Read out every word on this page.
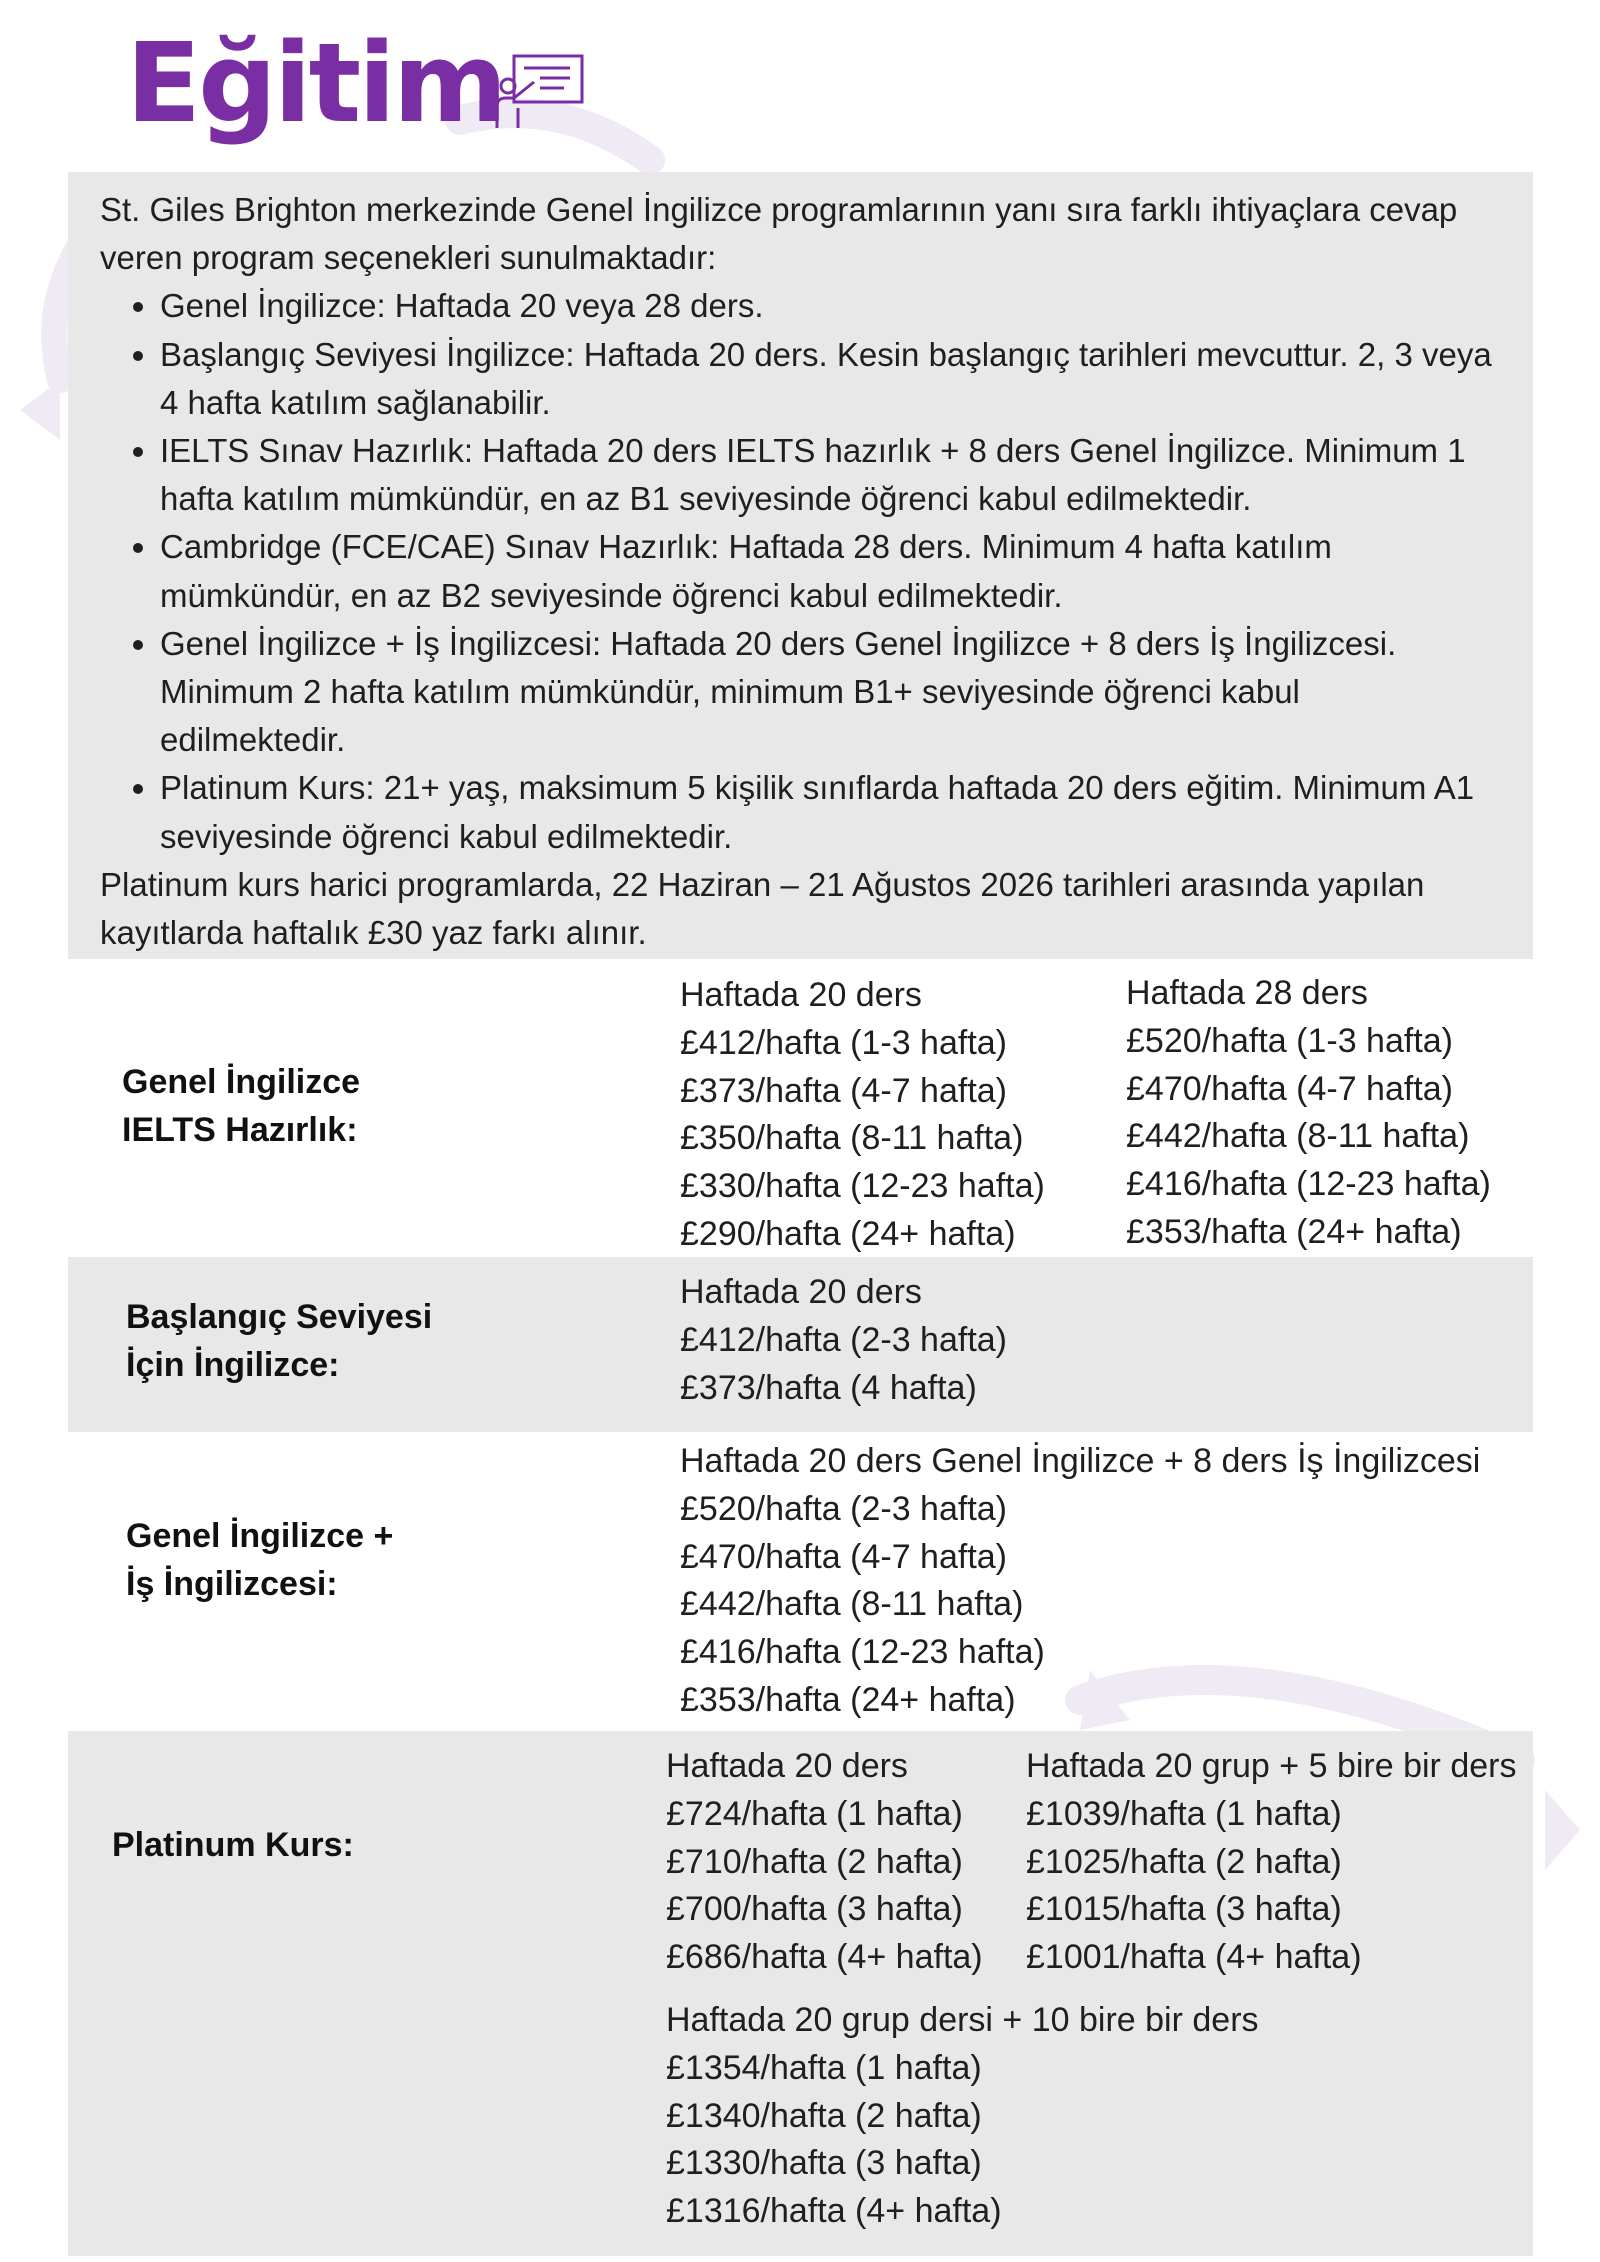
Eğitim

St. Giles Brighton merkezinde Genel İngilizce programlarının yanı sıra farklı ihtiyaçlara cevap veren program seçenekleri sunulmaktadır:

• Genel İngilizce: Haftada 20 veya 28 ders.
• Başlangıç Seviyesi İngilizce: Haftada 20 ders. Kesin başlangıç tarihleri mevcuttur. 2, 3 veya 4 hafta katılım sağlanabilir.
• IELTS Sınav Hazırlık: Haftada 20 ders IELTS hazırlık + 8 ders Genel İngilizce. Minimum 1 hafta katılım mümkündür, en az B1 seviyesinde öğrenci kabul edilmektedir.
• Cambridge (FCE/CAE) Sınav Hazırlık: Haftada 28 ders. Minimum 4 hafta katılım mümkündür, en az B2 seviyesinde öğrenci kabul edilmektedir.
• Genel İngilizce + İş İngilizcesi: Haftada 20 ders Genel İngilizce + 8 ders İş İngilizcesi. Minimum 2 hafta katılım mümkündür, minimum B1+ seviyesinde öğrenci kabul edilmektedir.
• Platinum Kurs: 21+ yaş, maksimum 5 kişilik sınıflarda haftada 20 ders eğitim. Minimum A1 seviyesinde öğrenci kabul edilmektedir.

Platinum kurs harici programlarda, 22 Haziran – 21 Ağustos 2026 tarihleri arasında yapılan kayıtlarda haftalık £30 yaz farkı alınır.

Genel İngilizce
IELTS Hazırlık:
Haftada 20 ders
£412/hafta (1-3 hafta)
£373/hafta (4-7 hafta)
£350/hafta (8-11 hafta)
£330/hafta (12-23 hafta)
£290/hafta (24+ hafta)
Haftada 28 ders
£520/hafta (1-3 hafta)
£470/hafta (4-7 hafta)
£442/hafta (8-11 hafta)
£416/hafta (12-23 hafta)
£353/hafta (24+ hafta)
Başlangıç Seviyesi
İçin İngilizce:
Haftada 20 ders
£412/hafta (2-3 hafta)
£373/hafta (4 hafta)
Genel İngilizce +
İş İngilizcesi:
Haftada 20 ders Genel İngilizce + 8 ders İş İngilizcesi
£520/hafta (2-3 hafta)
£470/hafta (4-7 hafta)
£442/hafta (8-11 hafta)
£416/hafta (12-23 hafta)
£353/hafta (24+ hafta)
Platinum Kurs:
Haftada 20 ders
£724/hafta (1 hafta)
£710/hafta (2 hafta)
£700/hafta (3 hafta)
£686/hafta (4+ hafta)
Haftada 20 grup + 5 bire bir ders
£1039/hafta (1 hafta)
£1025/hafta (2 hafta)
£1015/hafta (3 hafta)
£1001/hafta (4+ hafta)
Haftada 20 grup dersi + 10 bire bir ders
£1354/hafta (1 hafta)
£1340/hafta (2 hafta)
£1330/hafta (3 hafta)
£1316/hafta (4+ hafta)
